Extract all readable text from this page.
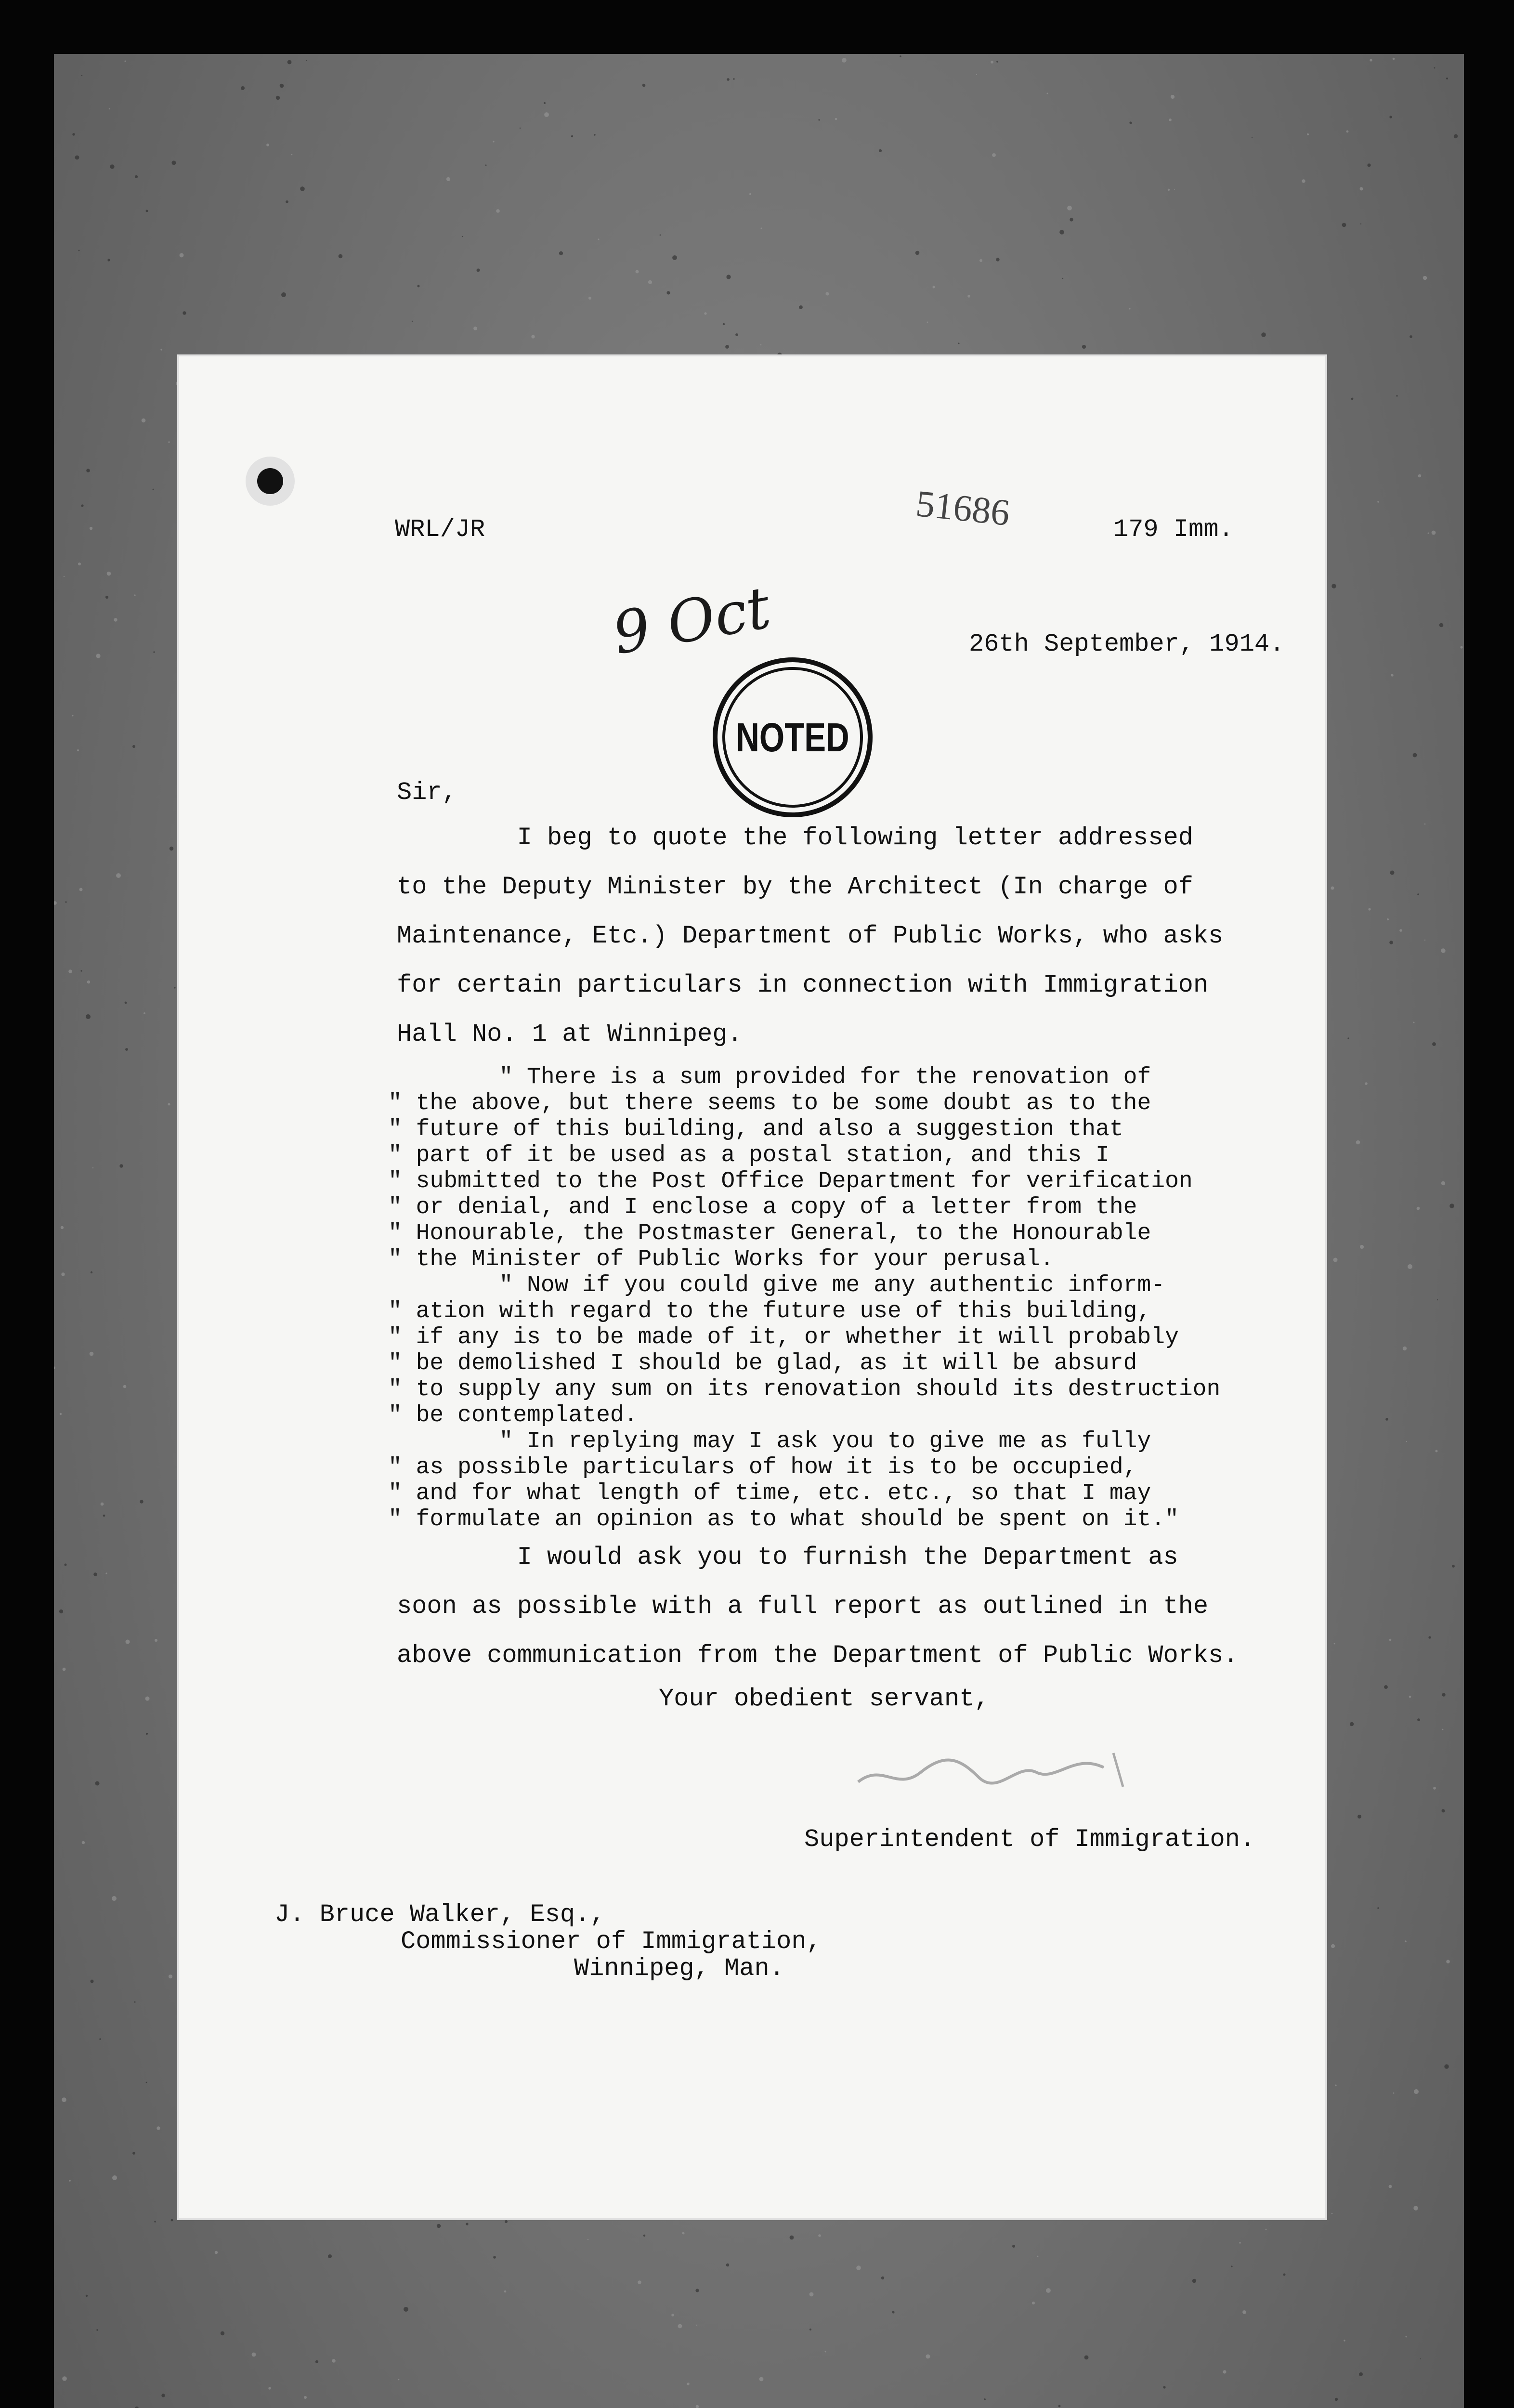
WRL/JR	51686	179 Imm.
9 Oct
NOTED
26th September, 1914.
Sir,
I beg to quote the following letter addressed
to the Deputy Minister by the Architect (In charge of
Maintenance, Etc.) Department of Public Works, who asks
for certain particulars in connection with Immigration
Hall No. 1 at Winnipeg.
" There is a sum provided for the renovation of
" the above, but there seems to be some doubt as to the
" future of this building, and also a suggestion that
" part of it be used as a postal station, and this I
" submitted to the Post Office Department for verification
" or denial, and I enclose a copy of a letter from the
" Honourable, the Postmaster General, to the Honourable
" the Minister of Public Works for your perusal.
" Now if you could give me any authentic inform-
" ation with regard to the future use of this building,
" if any is to be made of it, or whether it will probably
" be demolished I should be glad, as it will be absurd
" to supply any sum on its renovation should its destruction
" be contemplated.
" In replying may I ask you to give me as fully
" as possible particulars of how it is to be occupied,
" and for what length of time, etc. etc., so that I may
" formulate an opinion as to what should be spent on it."
I would ask you to furnish the Department as
soon as possible with a full report as outlined in the
above communication from the Department of Public Works.
Your obedient servant,
Superintendent of Immigration.
J. Bruce Walker, Esq.,
Commissioner of Immigration,
Winnipeg, Man.
